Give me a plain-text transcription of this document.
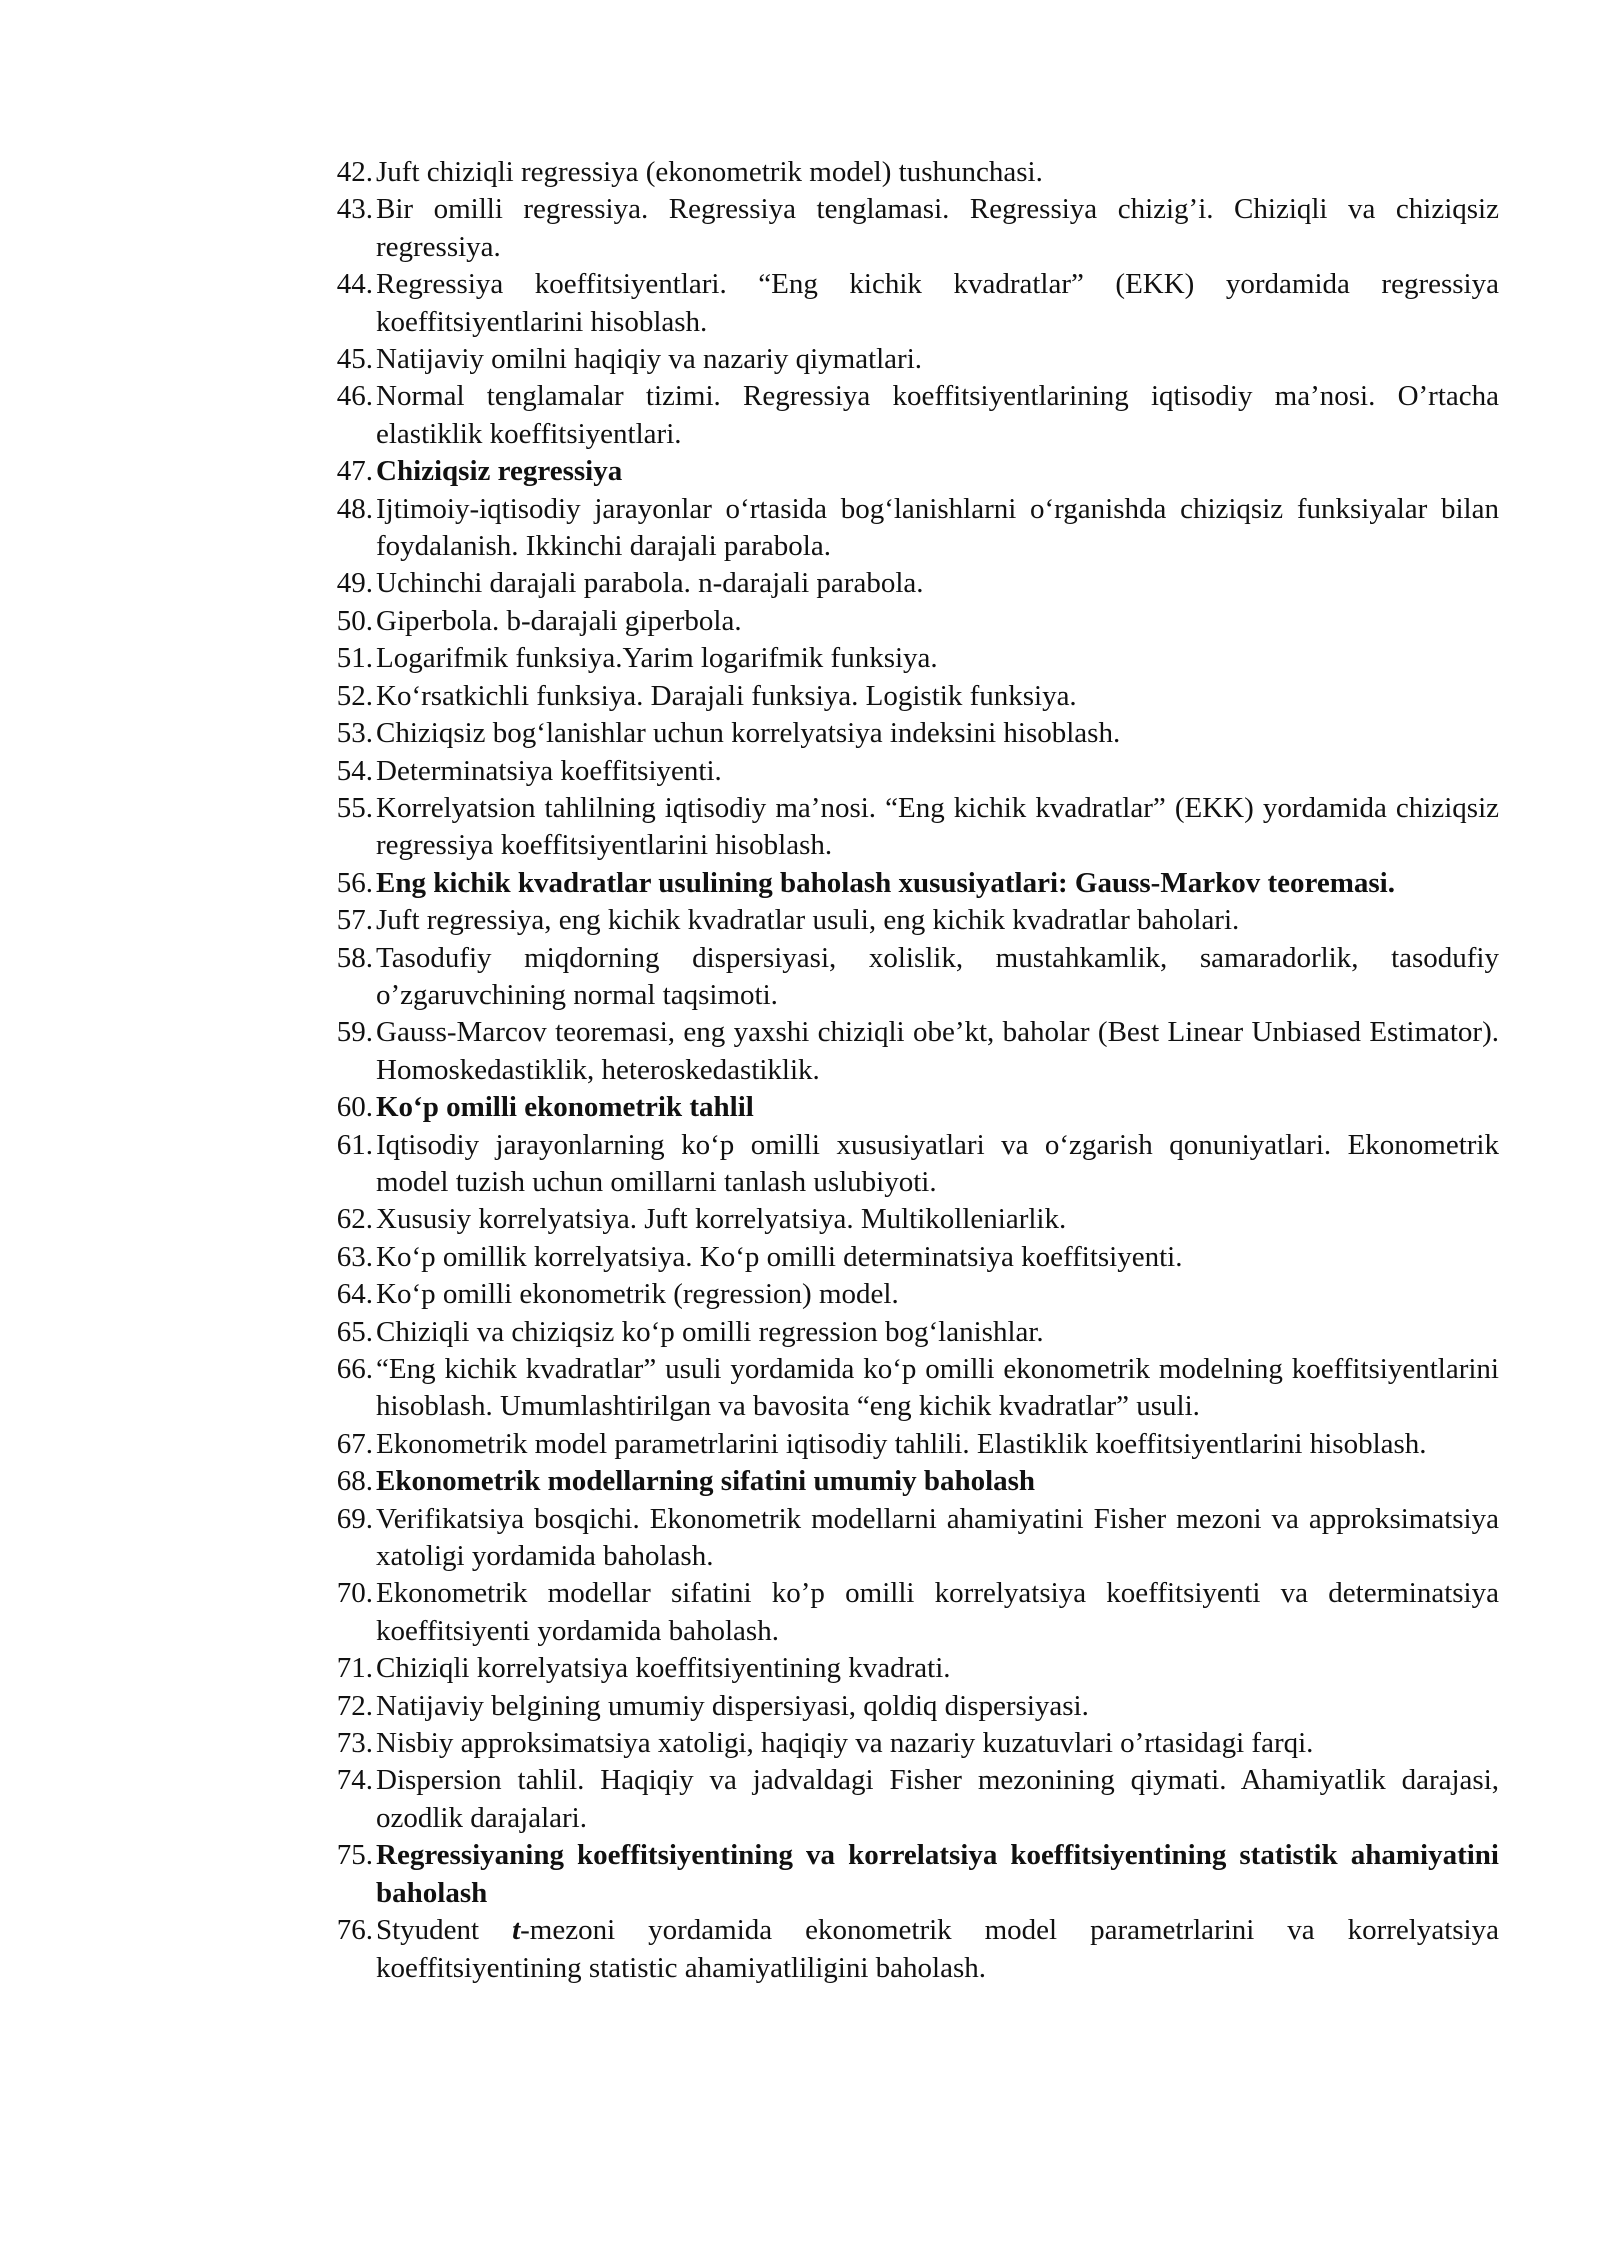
42. Juft chiziqli regressiya (ekonometrik model) tushunchasi.
43. Bir omilli regressiya. Regressiya tenglamasi. Regressiya chizig’i. Chiziqli va chiziqsiz regressiya.
44. Regressiya koeffitsiyentlari. “Eng kichik kvadratlar” (EKK) yordamida regressiya koeffitsiyentlarini hisoblash.
45. Natijaviy omilni haqiqiy va nazariy qiymatlari.
46. Normal tenglamalar tizimi. Regressiya koeffitsiyentlarining iqtisodiy ma’nosi. O’rtacha elastiklik koeffitsiyentlari.
47. Chiziqsiz regressiya
48. Ijtimoiy-iqtisodiy jarayonlar o‘rtasida bog‘lanishlarni o‘rganishda chiziqsiz funksiyalar bilan foydalanish. Ikkinchi darajali parabola.
49. Uchinchi darajali parabola. n-darajali parabola.
50. Giperbola. b-darajali giperbola.
51. Logarifmik funksiya.Yarim logarifmik funksiya.
52. Ko‘rsatkichli funksiya. Darajali funksiya. Logistik funksiya.
53. Chiziqsiz bog‘lanishlar uchun korrelyatsiya indeksini hisoblash.
54. Determinatsiya koeffitsiyenti.
55. Korrelyatsion tahlilning iqtisodiy ma’nosi. “Eng kichik kvadratlar” (EKK) yordamida chiziqsiz regressiya koeffitsiyentlarini hisoblash.
56. Eng kichik kvadratlar usulining baholash xususiyatlari: Gauss-Markov teoremasi.
57. Juft regressiya, eng kichik kvadratlar usuli, eng kichik kvadratlar baholari.
58. Tasodufiy miqdorning dispersiyasi, xolislik, mustahkamlik, samaradorlik, tasodufiy o’zgaruvchining normal taqsimoti.
59. Gauss-Marcov teoremasi, eng yaxshi chiziqli obe’kt, baholar (Best Linear Unbiased Estimator). Homoskedastiklik, heteroskedastiklik.
60. Ko‘p omilli ekonometrik tahlil
61. Iqtisodiy jarayonlarning ko‘p omilli xususiyatlari va o‘zgarish qonuniyatlari. Ekonometrik model tuzish uchun omillarni tanlash uslubiyoti.
62. Xususiy korrelyatsiya. Juft korrelyatsiya. Multikolleniarlik.
63. Ko‘p omillik korrelyatsiya. Ko‘p omilli determinatsiya koeffitsiyenti.
64. Ko‘p omilli ekonometrik (regression) model.
65. Chiziqli va chiziqsiz ko‘p omilli regression bog‘lanishlar.
66. “Eng kichik kvadratlar” usuli yordamida ko‘p omilli ekonometrik modelning koeffitsiyentlarini hisoblash. Umumlashtirilgan va bavosita “eng kichik kvadratlar” usuli.
67. Ekonometrik model parametrlarini iqtisodiy tahlili. Elastiklik koeffitsiyentlarini hisoblash.
68. Ekonometrik modellarning sifatini umumiy baholash
69. Verifikatsiya bosqichi. Ekonometrik modellarni ahamiyatini Fisher mezoni va approksimatsiya xatoligi yordamida baholash.
70. Ekonometrik modellar sifatini ko’p omilli korrelyatsiya koeffitsiyenti va determinatsiya koeffitsiyenti yordamida baholash.
71. Chiziqli korrelyatsiya koeffitsiyentining kvadrati.
72. Natijaviy belgining umumiy dispersiyasi, qoldiq dispersiyasi.
73. Nisbiy approksimatsiya xatoligi, haqiqiy va nazariy kuzatuvlari o’rtasidagi farqi.
74. Dispersion tahlil. Haqiqiy va jadvaldagi Fisher mezonining qiymati. Ahamiyatlik darajasi, ozodlik darajalari.
75. Regressiyaning koeffitsiyentining va korrelatsiya koeffitsiyentining statistik ahamiyatini baholash
76. Styudent t-mezoni yordamida ekonometrik model parametrlarini va korrelyatsiya koeffitsiyentining statistic ahamiyatliligini baholash.
